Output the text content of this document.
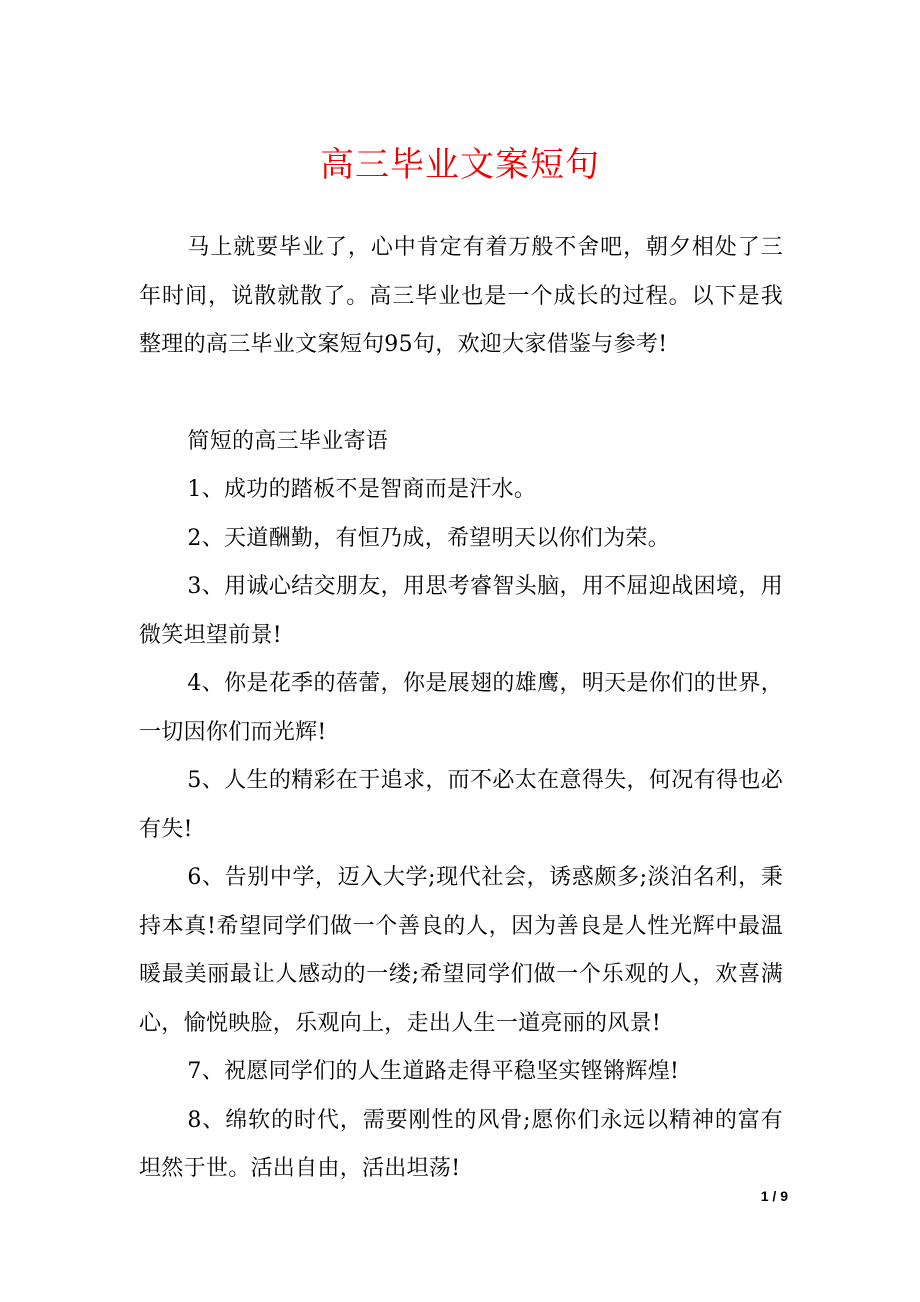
高三毕业文案短句

马上就要毕业了，心中肯定有着万般不舍吧，朝夕相处了三年时间，说散就散了。高三毕业也是一个成长的过程。以下是我整理的高三毕业文案短句95句，欢迎大家借鉴与参考!

简短的高三毕业寄语

1、成功的踏板不是智商而是汗水。

2、天道酬勤，有恒乃成，希望明天以你们为荣。

3、用诚心结交朋友，用思考睿智头脑，用不屈迎战困境，用微笑坦望前景!

4、你是花季的蓓蕾，你是展翅的雄鹰，明天是你们的世界，一切因你们而光辉!

5、人生的精彩在于追求，而不必太在意得失，何况有得也必有失!

6、告别中学，迈入大学;现代社会，诱惑颇多;淡泊名利，秉持本真!希望同学们做一个善良的人，因为善良是人性光辉中最温暖最美丽最让人感动的一缕;希望同学们做一个乐观的人，欢喜满心，愉悦映脸，乐观向上，走出人生一道亮丽的风景!

7、祝愿同学们的人生道路走得平稳坚实铿锵辉煌!

8、绵软的时代，需要刚性的风骨;愿你们永远以精神的富有坦然于世。活出自由，活出坦荡!

1 / 9
